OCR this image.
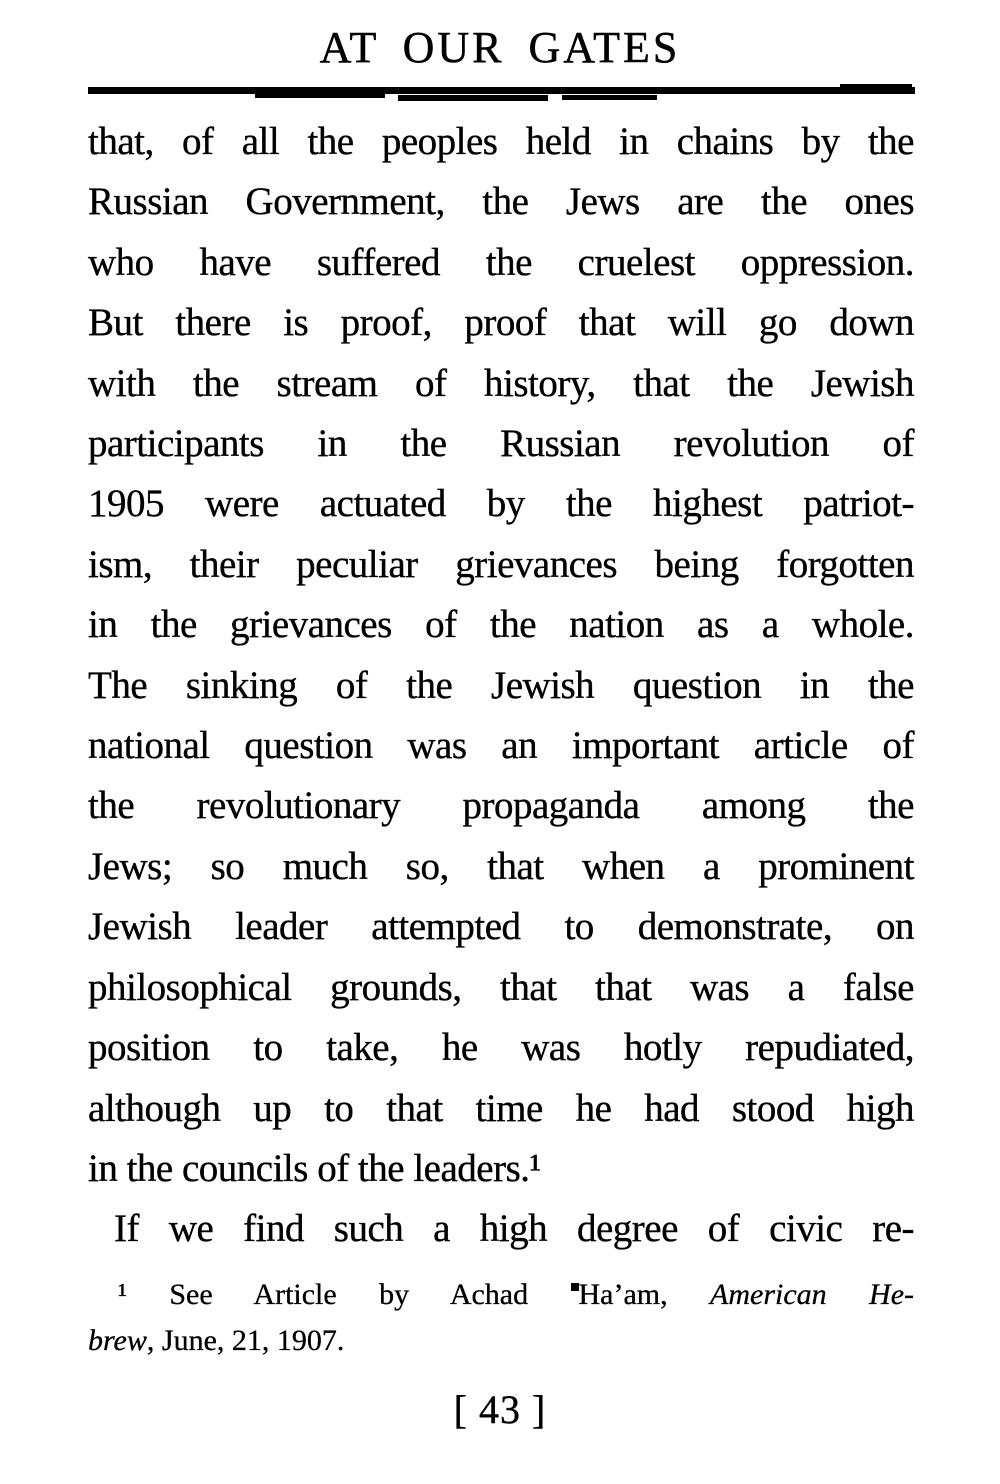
AT OUR GATES
that, of all the peoples held in chains by the
Russian Government, the Jews are the ones
who have suffered the cruelest oppression.
But there is proof, proof that will go down
with the stream of history, that the Jewish
participants in the Russian revolution of
1905 were actuated by the highest patriot-
ism, their peculiar grievances being forgotten
in the grievances of the nation as a whole.
The sinking of the Jewish question in the
national question was an important article of
the revolutionary propaganda among the
Jews; so much so, that when a prominent
Jewish leader attempted to demonstrate, on
philosophical grounds, that that was a false
position to take, he was hotly repudiated,
although up to that time he had stood high
in the councils of the leaders.¹
If we find such a high degree of civic re-
¹ See Article by Achad Ha’am, American He-
brew, June, 21, 1907.
[ 43 ]
